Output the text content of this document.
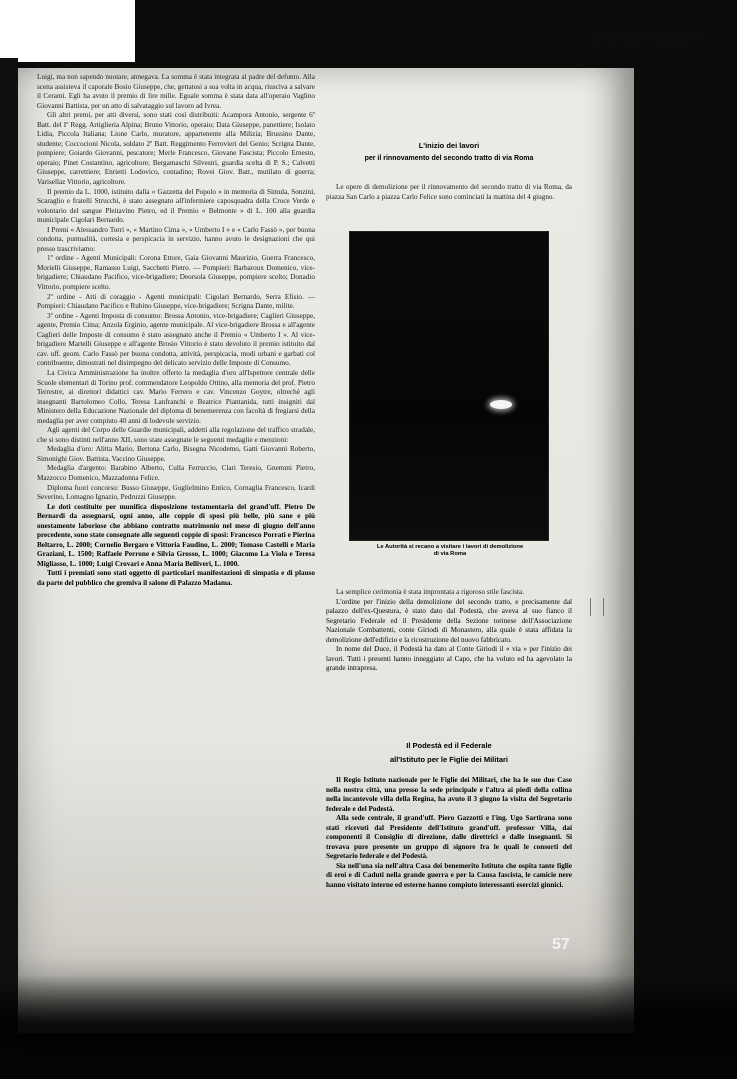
VITA CITTADINA

Luigi, ma non sapendo nuotare, annegava. La somma è stata integrata al padre del defunto. Alla scena assisteva il caporale Bosio Giuseppe, che, gettatosi a sua volta in acqua, riusciva a salvare il Cerami. Egli ha avuto il premio di lire mille. Eguale somma è stata data all'operaio Vaglino Giovanni Battista, per un atto di salvataggio sul lavoro ad Ivrea.

Gli altri premi, per atti diversi, sono stati così distribuiti: Acampora Antonio, sergente 6º Batt. del Iº Regg. Artiglieria Alpina; Bruno Vittorio, operaio; Data Giuseppe, panettiere; Isolato Lidia, Piccola Italiana; Lione Carlo, muratore, appartenente alla Milizia; Brussino Dante, studente; Coccocioni Nicola, soldato 2º Batt. Reggimento Ferrovieri del Genio; Scrigna Dante, pompiere; Goiardo Giovanni, pescatore; Merle Francesco, Giovane Fascista; Piccolo Ernesto, operaio; Pinet Costantino, agricoltore; Bergamaschi Silvestri, guardia scelta di P. S.; Calvetti Giuseppe, carrettiere; Enrietti Lodovico, contadino; Rovei Giov. Batt., mutilato di guerra; Varisellaz Vittorio, agricoltore.

Il premio da L. 1000, istituito dalla « Gazzetta del Popolo » in memoria di Simula, Sonzini, Scaraglio e fratelli Strucchi, è stato assegnato all'infermiere caposquadra della Croce Verde e volontario del sangue Pleitavino Pietro, ed il Premio « Belmonte » di L. 100 alla guardia municipale Cigolari Bernardo.

I Premi « Alessandro Torri », « Martino Cima », « Umberto I » e « Carlo Fassò », per buona condotta, puntualità, cortesia e perspicacia in servizio, hanno avuto le designazioni che qui presso trascriviamo:

1º ordine - Agenti Municipali: Corona Ettore, Gaia Giovanni Maurizio, Guerra Francesco, Morielli Giuseppe, Ramasso Luigi, Sacchetti Pietro. — Pompieri: Barbaroux Domenico, vice-brigadiere; Chiaudano Pacifico, vice-brigadiere; Deorsola Giuseppe, pompiere scelto; Donadio Vittorio, pompiere scelto.

2º ordine - Atti di coraggio - Agenti municipali: Cigolari Bernardo, Serra Efisio. — Pompieri: Chiaudano Pacifico e Rubino Giuseppe, vice-brigadiere; Scrigna Dante, milite.

3º ordine - Agenti Imposta di consumo: Brossa Antonio, vice-brigadiere; Caglieri Giuseppe, agente, Premio Cima; Anzola Erginio, agente municipale. Al vice-brigadiere Brossa e all'agente Caglieri delle Imposte di consumo è stato assegnato anche il Premio « Umberto I ». Al vice-brigadiere Martelli Giuseppe e all'agente Brosio Vittorio è stato devoluto il premio istituito dal cav. uff. geom. Carlo Fassò per buona condotta, attività, perspicacia, modi urbani e garbati col contribuente, dimostrati nel disimpegno del delicato servizio delle Imposte di Consumo.

La Civica Amministrazione ha inoltre offerto la medaglia d'oro all'Ispettore centrale delle Scuole elementari di Torino prof. commendatore Leopoldo Ottino, alla memoria del prof. Pietro Terrestre, ai direttori didattici cav. Mario Ferrero e cav. Vincenzo Goytre, oltrechè agli insegnanti Bartolomeo Collo, Teresa Lanfranchi e Beatrice Piantanida, tutti insigniti dal Ministero della Educazione Nazionale del diploma di benemerenza con facoltà di fregiarsi della medaglia per aver compiuto 40 anni di lodevole servizio.

Agli agenti del Corpo delle Guardie municipali, addetti alla regolazione del traffico stradale, che si sono distinti nell'anno XII, sono state assegnate le seguenti medaglie e menzioni:

Medaglia d'oro: Alitta Mario, Bertona Carlo, Bisegna Nicodemo, Gatti Giovanni Roberto, Simonighi Giov. Battista, Vaccino Giuseppe.

Medaglia d'argento: Barabino Alberto, Culla Ferruccio, Clari Teresio, Gnemmi Pietro, Mazzocco Domenico, Mazzadonna Felice.

Diploma fuori concorso: Busso Giuseppe, Guglielmino Entico, Cornaglia Francesco, Icardi Severino, Lomagno Ignazio, Pedruzzi Giuseppe.

Le doti costituite per munifica disposizione testamentaria del grand'uff. Pietro De Bernardi da assegnarsi, ogni anno, alle coppie di sposi più belle, più sane e più onestamente laboriose che abbiano contratto matrimonio nel mese di giugno dell'anno precedente, sono state consegnate alle seguenti coppie di sposi: Francesco Porrati e Pierina Beltarro, L. 2000; Cornelio Bergaro e Vittoria Faudino, L. 2000; Tomaso Castelli e Maria Graziani, L. 1500; Raffaele Perrone e Silvia Grosso, L. 1000; Giacomo La Viola e Teresa Migliasso, L. 1000; Luigi Crovari e Anna Maria Belliveri, L. 1000.

Tutti i premiati sono stati oggetto di particolari manifestazioni di simpatia e di plauso da parte del pubblico che gremiva il salone di Palazzo Madama.

L'inizio dei lavori
per il rinnovamento del secondo tratto di via Roma

Le opere di demolizione per il rinnovamento del secondo tratto di via Roma, da piazza San Carlo a piazza Carlo Felice sono cominciati la mattina del 4 giugno.

Le Autorità si recano a visitare i lavori di demolizione
di via Roma

La semplice cerimonia è stata improntata a rigoroso stile fascista.

L'ordine per l'inizio della demolizione del secondo tratto, e precisamente dal palazzo dell'ex-Questura, è stato dato dal Podestà, che aveva al suo fianco il Segretario Federale ed il Presidente della Sezione torinese dell'Associazione Nazionale Combattenti, conte Giriodi di Monastero, alla quale è stata affidata la demolizione dell'edificio e la ricostruzione del nuovo fabbricato.

In nome del Duce, il Podestà ha dato al Conte Giriodi il « via » per l'inizio dei lavori. Tutti i presenti hanno inneggiato al Capo, che ha voluto ed ha agevolato la grande intrapresa.

Il Podestà ed il Federale
all'Istituto per le Figlie dei Militari

Il Regio Istituto nazionale per le Figlie dei Militari, che ha le sue due Case nella nostra città, una presso la sede principale e l'altra ai piedi della collina nella incantevole villa della Regina, ha avuto il 3 giugno la visita del Segretario federale e del Podestà.

Alla sede centrale, il grand'uff. Piero Gazzotti e l'ing. Ugo Sartirana sono stati ricevuti dal Presidente dell'Istituto grand'uff. professor Villa, dai componenti il Consiglio di direzione, dalle direttrici e dalle insegnanti. Si trovava pure presente un gruppo di signore fra le quali le consorti del Segretario federale e del Podestà.

Sia nell'una sia nell'altra Casa dei benemerito Istituto che ospita tante figlie di eroi e di Caduti nella grande guerra e per la Causa fascista, le camicie nere hanno visitato interne ed esterne hanno compiuto interessanti esercizi ginnici.

57
